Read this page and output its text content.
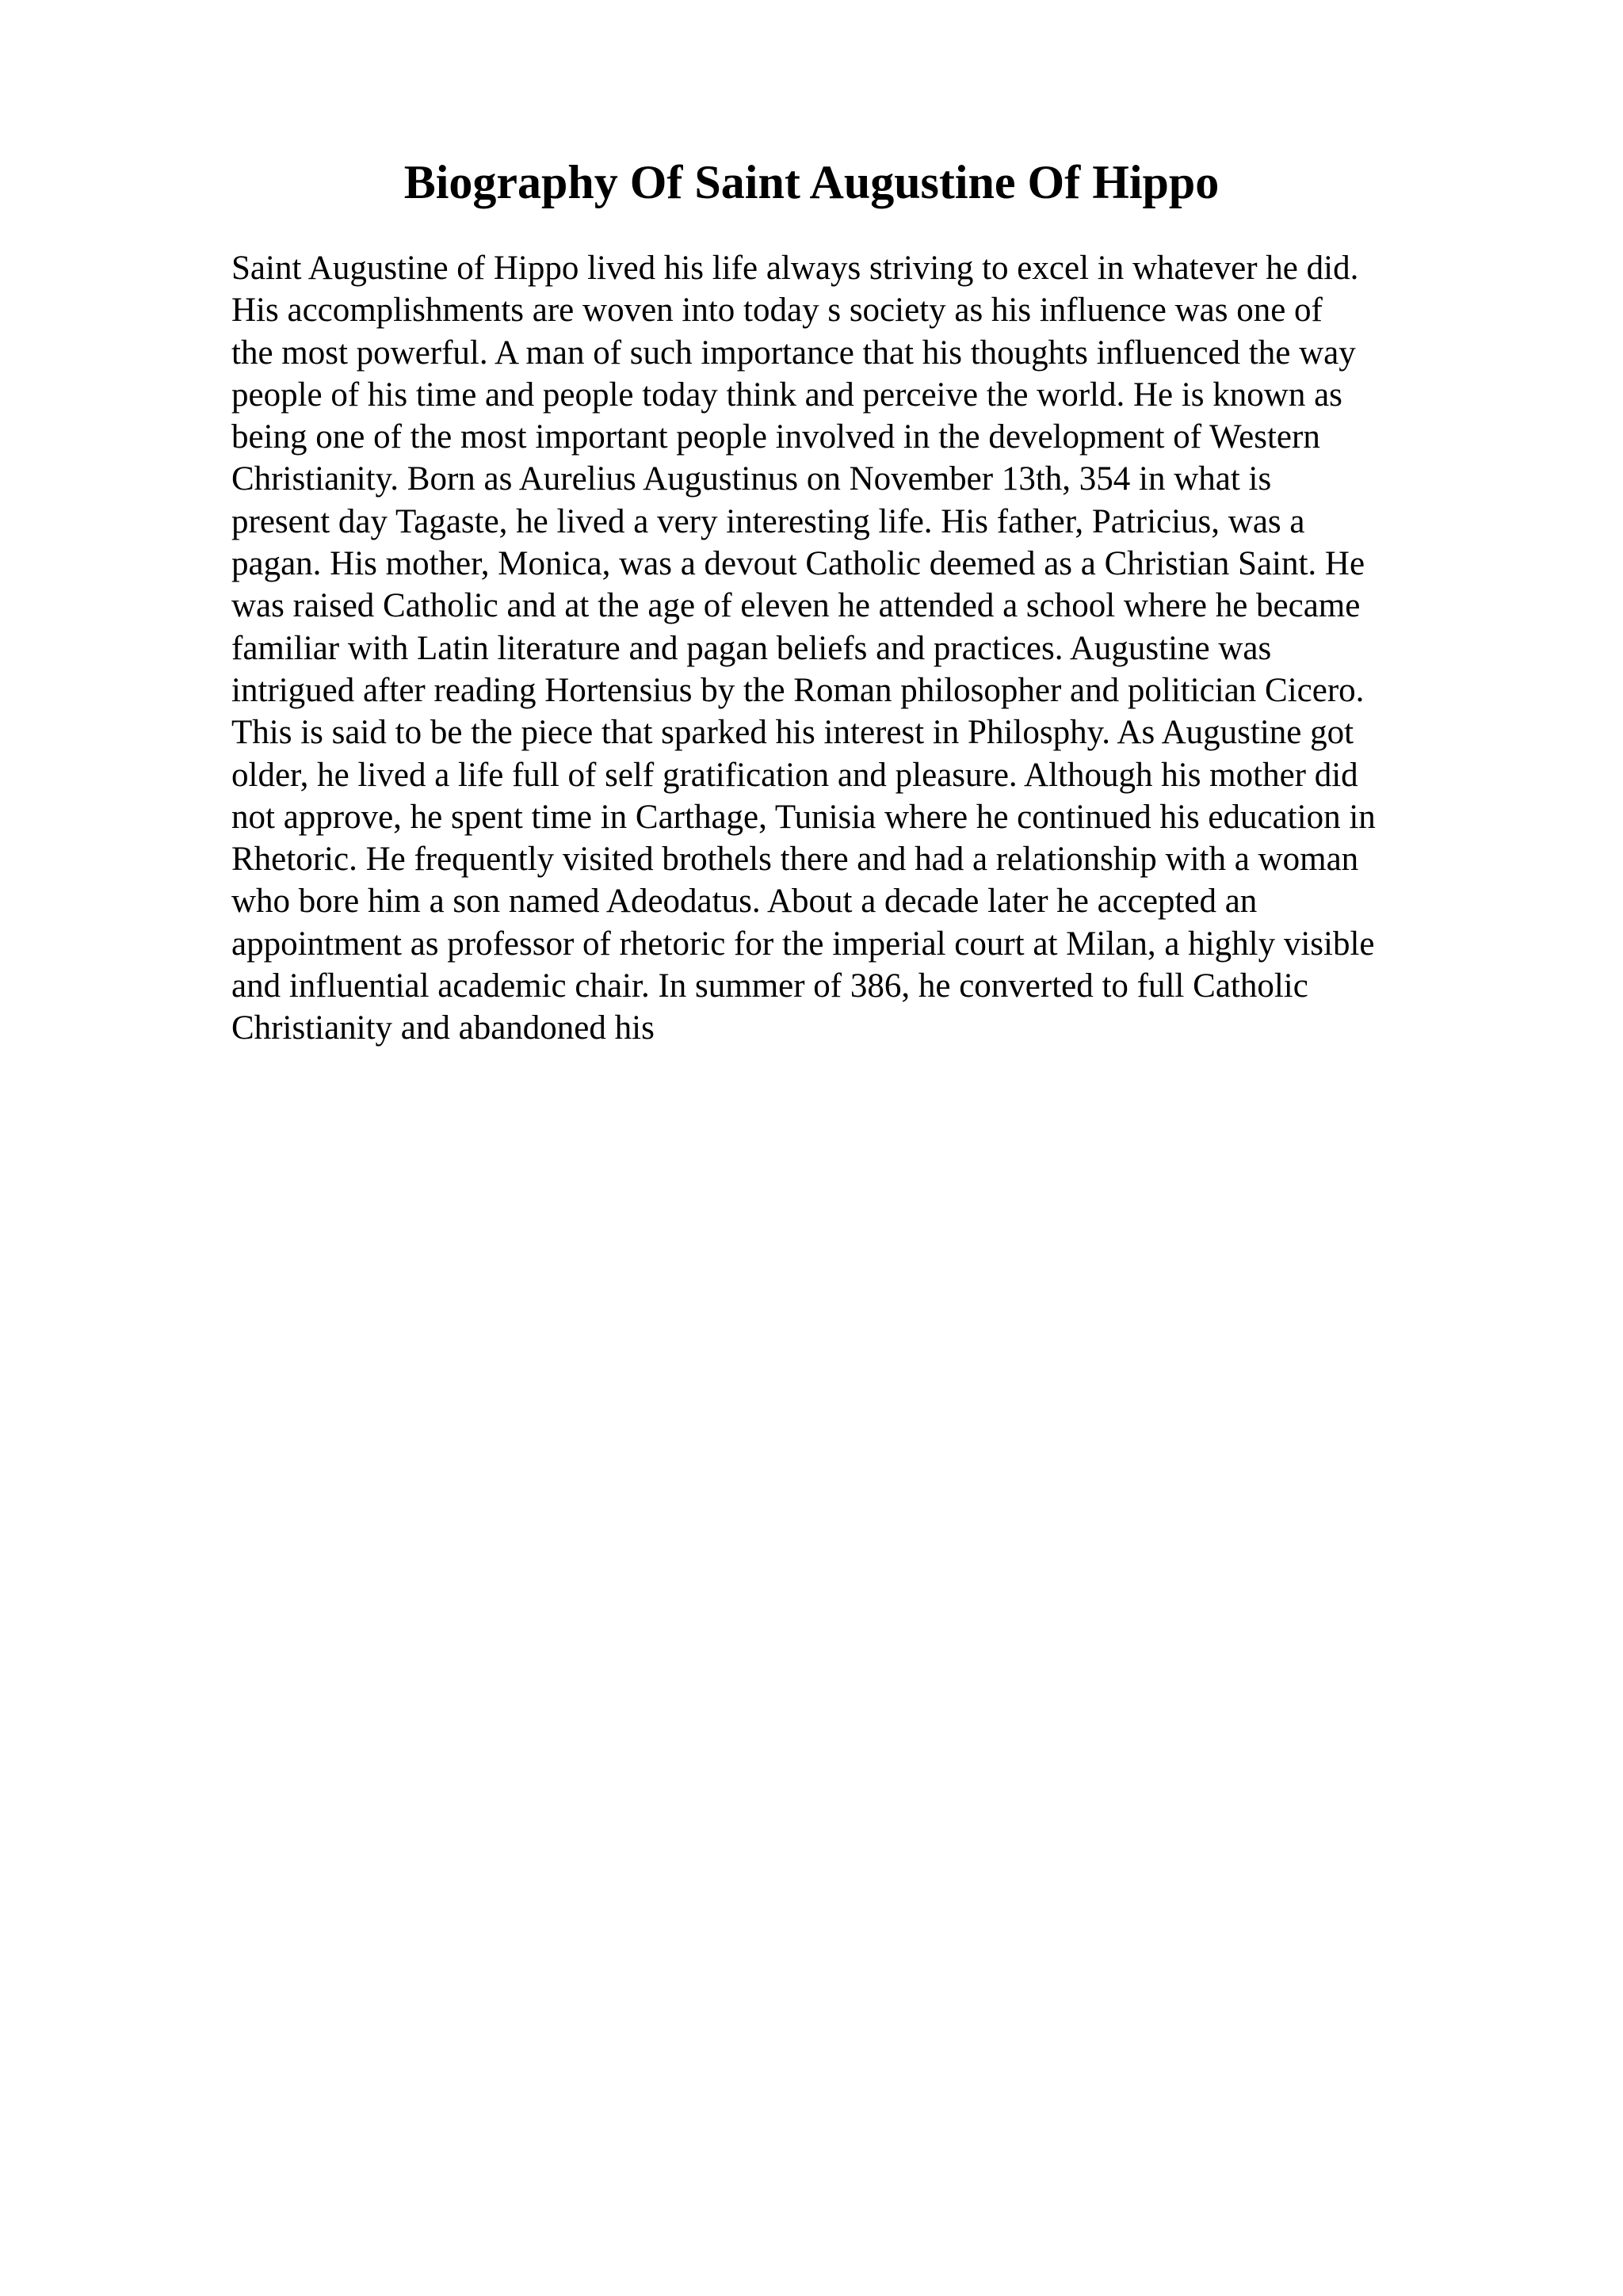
Biography Of Saint Augustine Of Hippo
Saint Augustine of Hippo lived his life always striving to excel in whatever he did.
His accomplishments are woven into today s society as his influence was one of
the most powerful. A man of such importance that his thoughts influenced the way
people of his time and people today think and perceive the world. He is known as
being one of the most important people involved in the development of Western
Christianity. Born as Aurelius Augustinus on November 13th, 354 in what is
present day Tagaste, he lived a very interesting life. His father, Patricius, was a
pagan. His mother, Monica, was a devout Catholic deemed as a Christian Saint. He
was raised Catholic and at the age of eleven he attended a school where he became
familiar with Latin literature and pagan beliefs and practices. Augustine was
intrigued after reading Hortensius by the Roman philosopher and politician Cicero.
This is said to be the piece that sparked his interest in Philosphy. As Augustine got
older, he lived a life full of self gratification and pleasure. Although his mother did
not approve, he spent time in Carthage, Tunisia where he continued his education in
Rhetoric. He frequently visited brothels there and had a relationship with a woman
who bore him a son named Adeodatus. About a decade later he accepted an
appointment as professor of rhetoric for the imperial court at Milan, a highly visible
and influential academic chair. In summer of 386, he converted to full Catholic
Christianity and abandoned his
